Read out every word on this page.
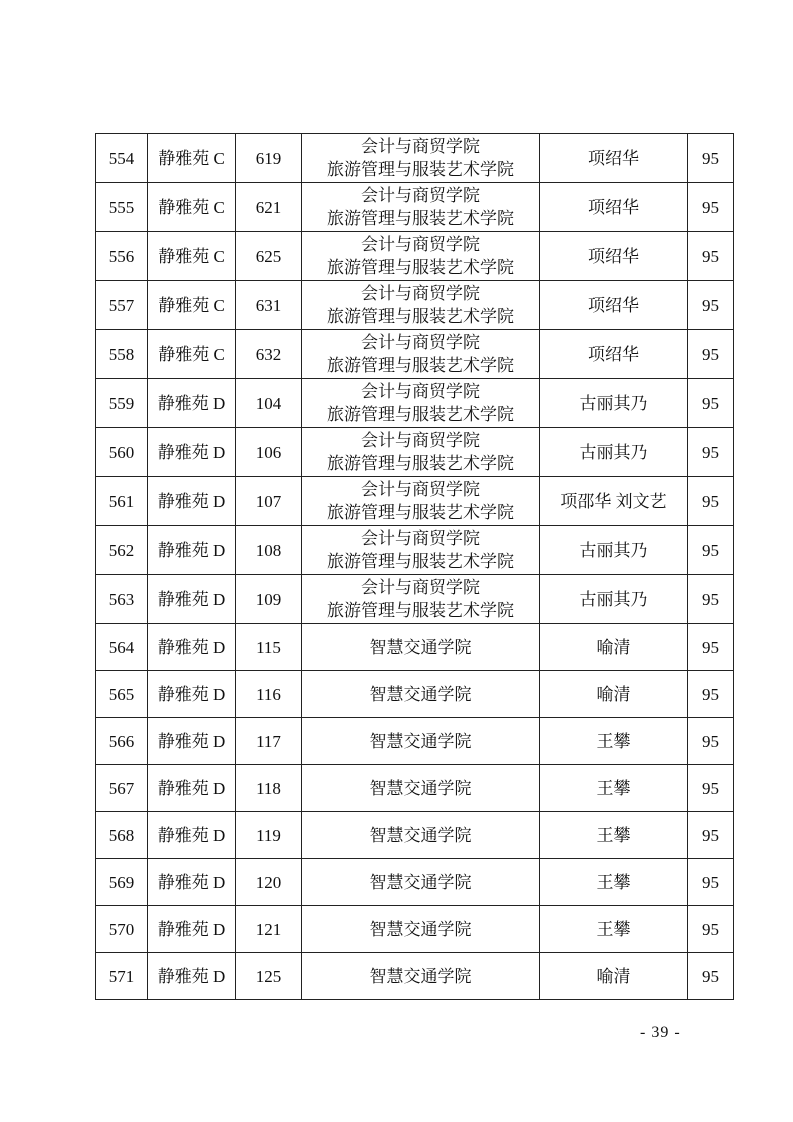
554	静雅苑 C	619	会计与商贸学院
旅游管理与服装艺术学院	项绍华	95
555	静雅苑 C	621	会计与商贸学院
旅游管理与服装艺术学院	项绍华	95
556	静雅苑 C	625	会计与商贸学院
旅游管理与服装艺术学院	项绍华	95
557	静雅苑 C	631	会计与商贸学院
旅游管理与服装艺术学院	项绍华	95
558	静雅苑 C	632	会计与商贸学院
旅游管理与服装艺术学院	项绍华	95
559	静雅苑 D	104	会计与商贸学院
旅游管理与服装艺术学院	古丽其乃	95
560	静雅苑 D	106	会计与商贸学院
旅游管理与服装艺术学院	古丽其乃	95
561	静雅苑 D	107	会计与商贸学院
旅游管理与服装艺术学院	项邵华 刘文艺	95
562	静雅苑 D	108	会计与商贸学院
旅游管理与服装艺术学院	古丽其乃	95
563	静雅苑 D	109	会计与商贸学院
旅游管理与服装艺术学院	古丽其乃	95
564	静雅苑 D	115	智慧交通学院	喻清	95
565	静雅苑 D	116	智慧交通学院	喻清	95
566	静雅苑 D	117	智慧交通学院	王攀	95
567	静雅苑 D	118	智慧交通学院	王攀	95
568	静雅苑 D	119	智慧交通学院	王攀	95
569	静雅苑 D	120	智慧交通学院	王攀	95
570	静雅苑 D	121	智慧交通学院	王攀	95
571	静雅苑 D	125	智慧交通学院	喻清	95
- 39 -
